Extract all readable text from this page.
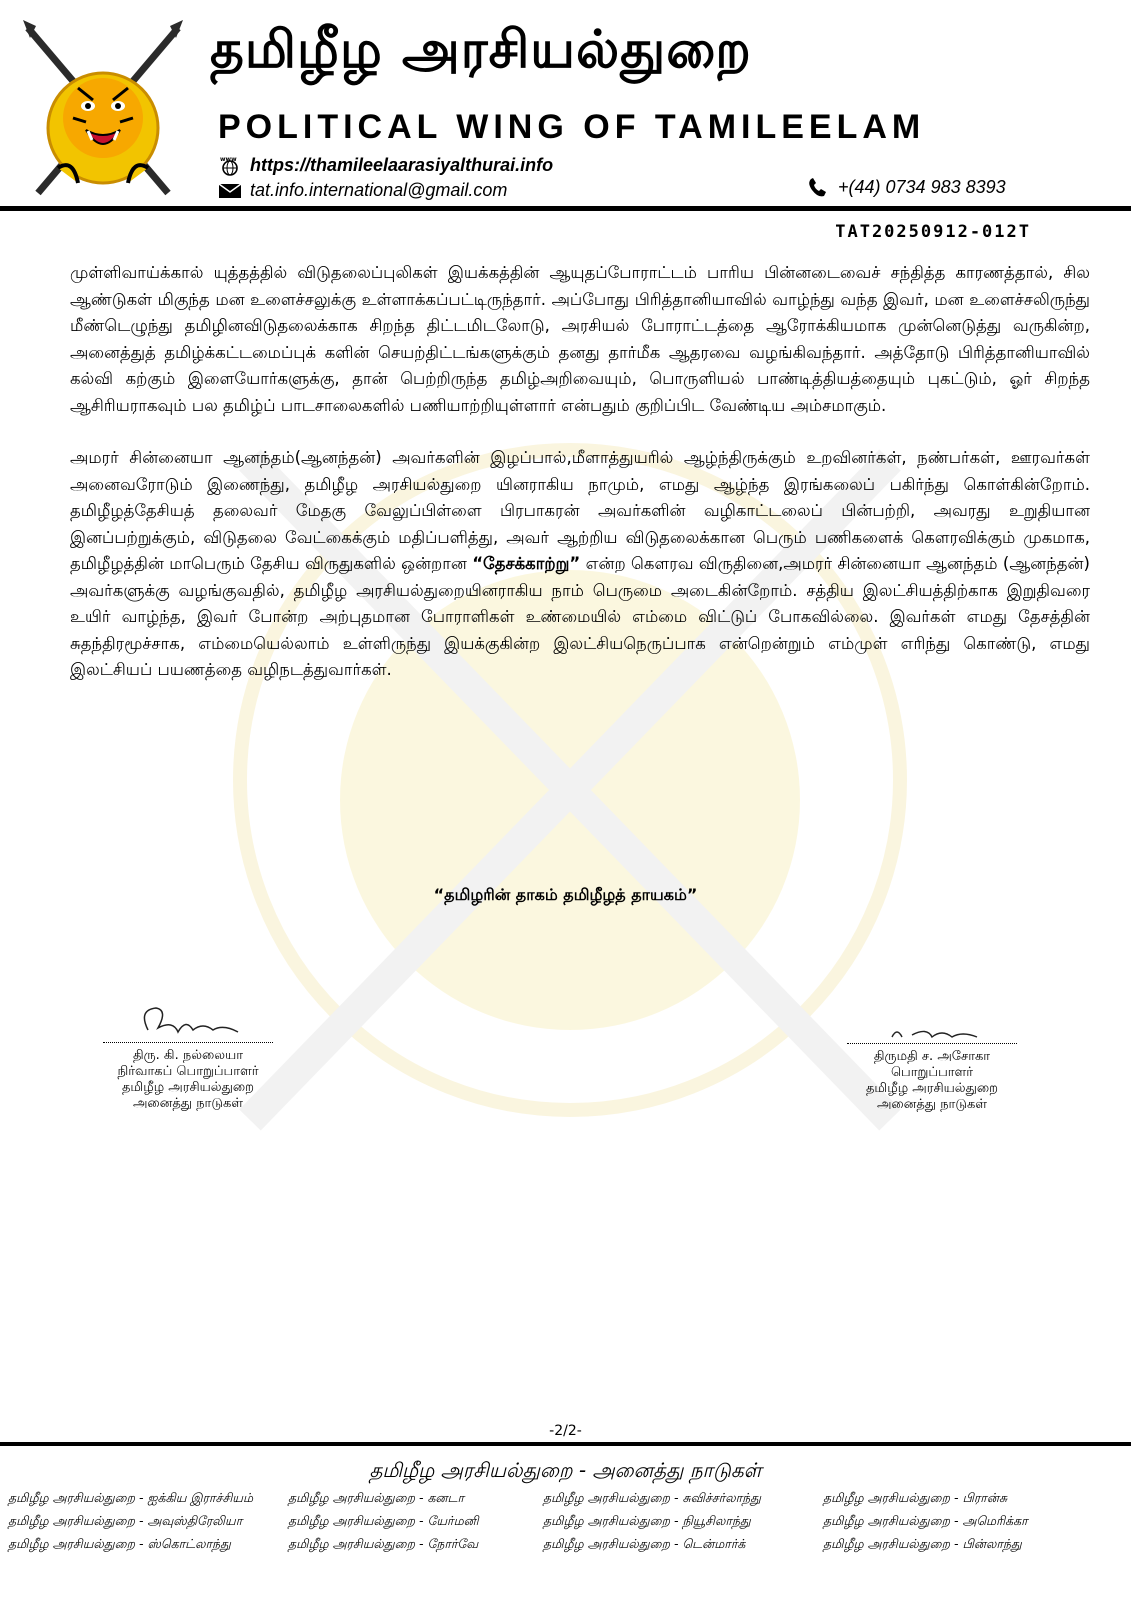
தமிழீழ அரசியல்துறை
POLITICAL WING OF TAMILEELAM
www https://thamileelaarasiyalthurai.info
tat.info.international@gmail.com	+(44) 0734 983 8393
TAT20250912-012T

முள்ளிவாய்க்கால் யுத்தத்தில் விடுதலைப்புலிகள் இயக்கத்தின் ஆயுதப்போராட்டம் பாரிய பின்னடைவைச் சந்தித்த காரணத்தால், சில ஆண்டுகள் மிகுந்த மன உளைச்சலுக்கு உள்ளாக்கப்பட்டிருந்தார். அப்போது பிரித்தானியாவில் வாழ்ந்து வந்த இவர், மன உளைச்சலிருந்து மீண்டெழுந்து தமிழினவிடுதலைக்காக சிறந்த திட்டமிடலோடு, அரசியல் போராட்டத்தை ஆரோக்கியமாக முன்னெடுத்து வருகின்ற, அனைத்துத் தமிழ்க்கட்டமைப்புக் களின் செயற்திட்டங்களுக்கும் தனது தார்மீக ஆதரவை வழங்கிவந்தார். அத்தோடு பிரித்தானியாவில் கல்வி கற்கும் இளையோர்களுக்கு, தான் பெற்றிருந்த தமிழ்அறிவையும், பொருளியல் பாண்டித்தியத்தையும் புகட்டும், ஓர் சிறந்த ஆசிரியராகவும் பல தமிழ்ப் பாடசாலைகளில் பணியாற்றியுள்ளார் என்பதும் குறிப்பிட வேண்டிய அம்சமாகும்.

அமரர் சின்னையா ஆனந்தம்(ஆனந்தன்) அவர்களின் இழப்பால்,மீளாத்துயரில் ஆழ்ந்திருக்கும் உறவினர்கள், நண்பர்கள், ஊரவர்கள் அனைவரோடும் இணைந்து, தமிழீழ அரசியல்துறை யினராகிய நாமும், எமது ஆழ்ந்த இரங்கலைப் பகிர்ந்து கொள்கின்றோம். தமிழீழத்தேசியத் தலைவர் மேதகு வேலுப்பிள்ளை பிரபாகரன் அவர்களின் வழிகாட்டலைப் பின்பற்றி, அவரது உறுதியான இனப்பற்றுக்கும், விடுதலை வேட்கைக்கும் மதிப்பளித்து, அவர் ஆற்றிய விடுதலைக்கான பெரும் பணிகளைக் கௌரவிக்கும் முகமாக, தமிழீழத்தின் மாபெரும் தேசிய விருதுகளில் ஒன்றான “தேசக்காற்று” என்ற கௌரவ விருதினை,அமரர் சின்னையா ஆனந்தம் (ஆனந்தன்) அவர்களுக்கு வழங்குவதில், தமிழீழ அரசியல்துறையினராகிய நாம் பெருமை அடைகின்றோம். சத்திய இலட்சியத்திற்காக இறுதிவரை உயிர் வாழ்ந்த, இவர் போன்ற அற்புதமான போராளிகள் உண்மையில் எம்மை விட்டுப் போகவில்லை. இவர்கள் எமது தேசத்தின் சுதந்திரமூச்சாக, எம்மையெல்லாம் உள்ளிருந்து இயக்குகின்ற இலட்சியநெருப்பாக என்றென்றும் எம்முள் எரிந்து கொண்டு, எமது இலட்சியப் பயணத்தை வழிநடத்துவார்கள்.

“தமிழரின் தாகம் தமிழீழத் தாயகம்”
திரு. கி. நல்லையா
நிர்வாகப் பொறுப்பாளர்
தமிழீழ அரசியல்துறை
அனைத்து நாடுகள்
திருமதி ச. அசோகா
பொறுப்பாளர்
தமிழீழ அரசியல்துறை
அனைத்து நாடுகள்
-2/2-
தமிழீழ அரசியல்துறை - அனைத்து நாடுகள்
தமிழீழ அரசியல்துறை - ஐக்கிய இராச்சியம்	தமிழீழ அரசியல்துறை - கனடா	தமிழீழ அரசியல்துறை - சுவிச்சர்லாந்து	தமிழீழ அரசியல்துறை - பிரான்சு
தமிழீழ அரசியல்துறை - அவுஸ்திரேலியா	தமிழீழ அரசியல்துறை - யேர்மனி	தமிழீழ அரசியல்துறை - நியூசிலாந்து	தமிழீழ அரசியல்துறை - அமெரிக்கா
தமிழீழ அரசியல்துறை - ஸ்கொட்லாந்து	தமிழீழ அரசியல்துறை - நோர்வே	தமிழீழ அரசியல்துறை - டென்மார்க்	தமிழீழ அரசியல்துறை - பின்லாந்து
